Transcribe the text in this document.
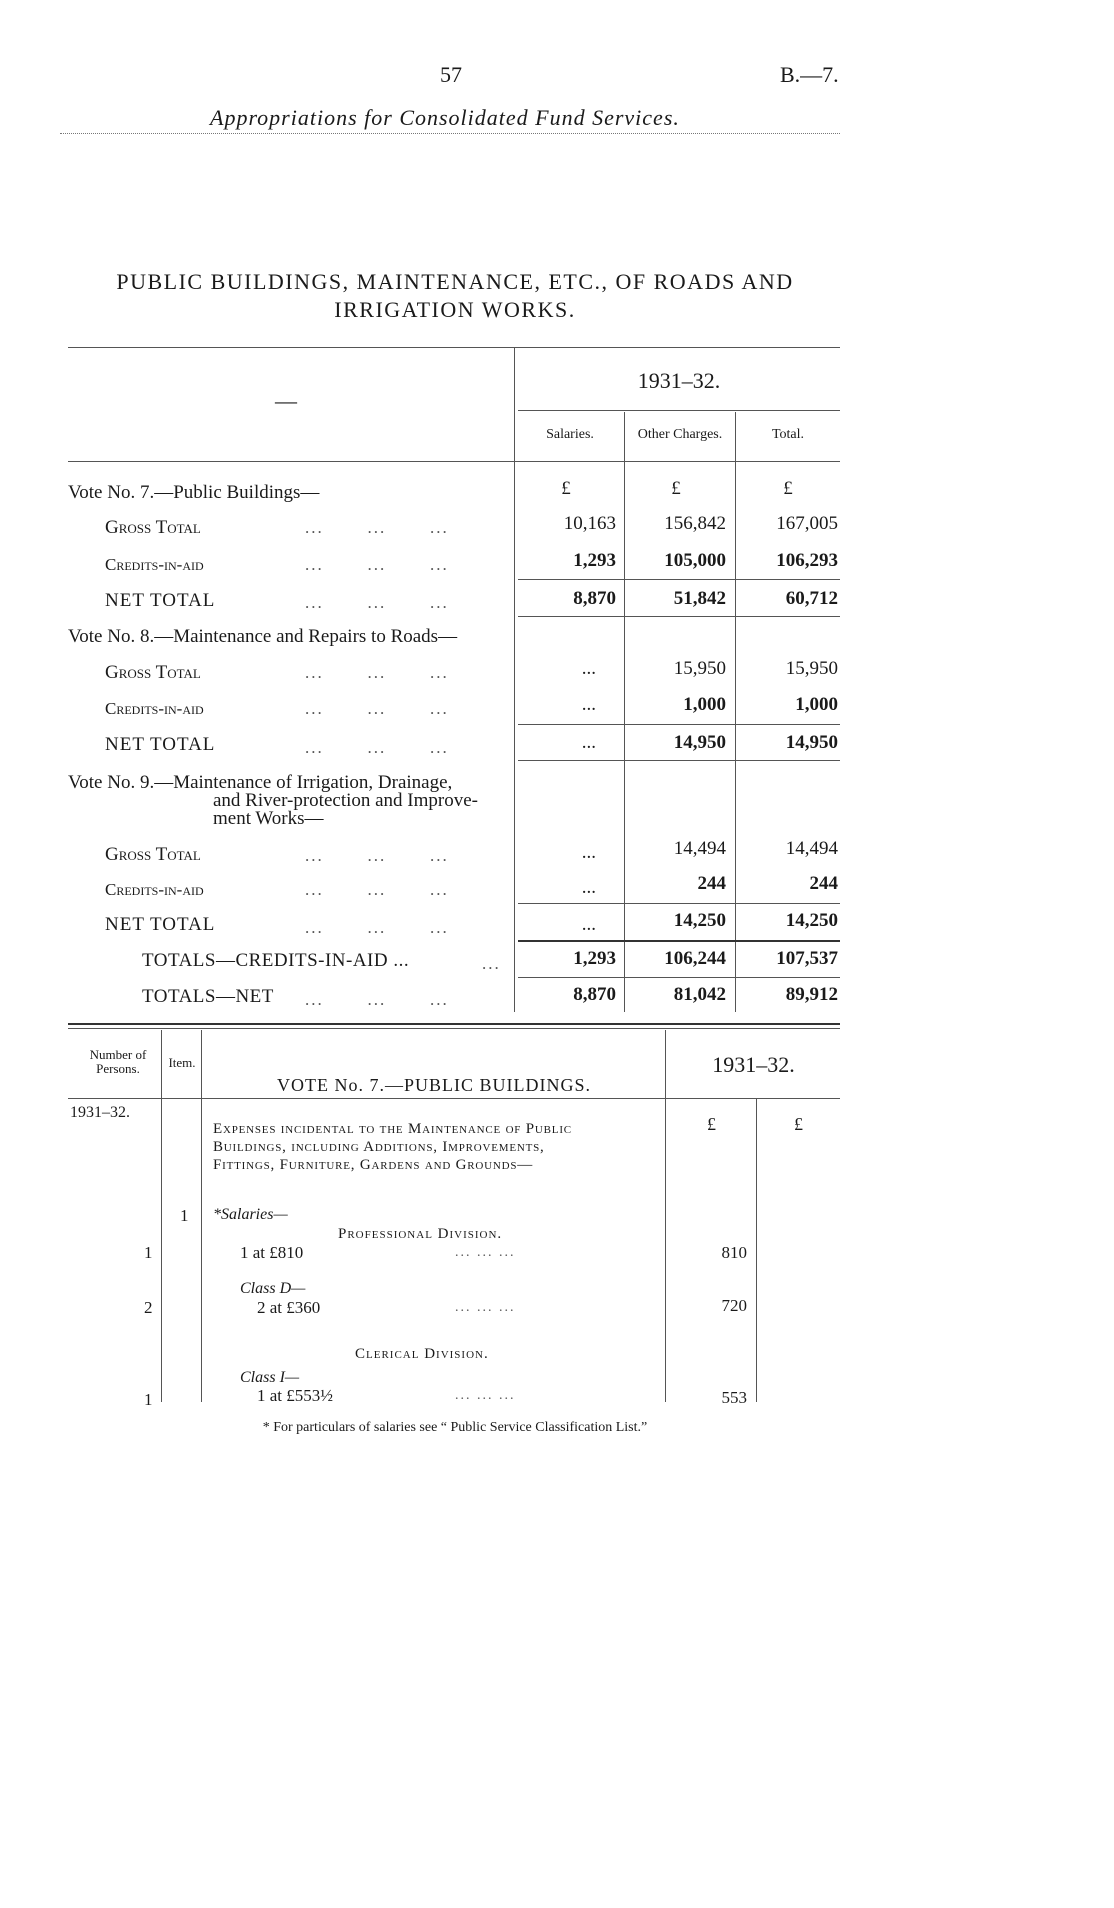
57	B.—7.
Appropriations for Consolidated Fund Services.
PUBLIC BUILDINGS, MAINTENANCE, ETC., OF ROADS AND
IRRIGATION WORKS.
—
1931–32.
Salaries.	Other Charges.	Total.
Vote No. 7.—Public Buildings—	£	£	£
Gross Total	...	...	...	10,163	156,842	167,005
Credits-in-aid	...	...	...	1,293	105,000	106,293
NET TOTAL	...	...	...	8,870	51,842	60,712
Vote No. 8.—Maintenance and Repairs to Roads—
Gross Total	...	...	...	...	15,950	15,950
Credits-in-aid	...	...	...	...	1,000	1,000
NET TOTAL	...	...	...	...	14,950	14,950
Vote No. 9.—Maintenance of Irrigation, Drainage,
and River-protection and Improve-
ment Works—
Gross Total	...	...	...	...	14,494	14,494
Credits-in-aid	...	...	...	...	244	244
NET TOTAL	...	...	...	...	14,250	14,250
TOTALS—CREDITS-IN-AID ...	...	1,293	106,244	107,537
TOTALS—NET ...	...	...	8,870	81,042	89,912
Number of Persons.	Item.
VOTE No. 7.—PUBLIC BUILDINGS.
1931–32.
1931–32.
£	£
Expenses incidental to the Maintenance of Public
Buildings, including Additions, Improvements,
Fittings, Furniture, Gardens and Grounds—
1 *Salaries—
Professional Division.
1	1 at £810	... ... ...	810
Class D—
2	2 at £360	... ... ...	720
Clerical Division.
Class I—
1	1 at £553½	... ... ...	553
* For particulars of salaries see “ Public Service Classification List.”
